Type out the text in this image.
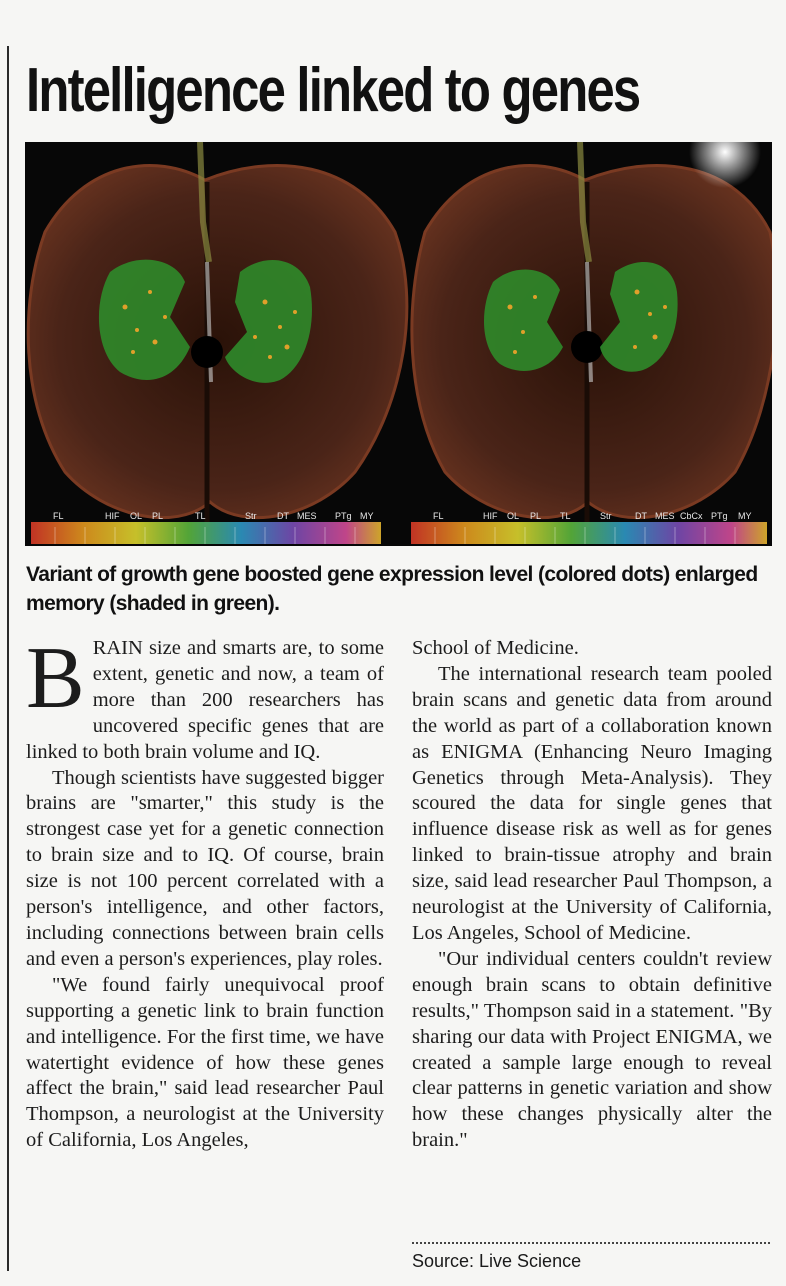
Intelligence linked to genes
FL	HIF OL PL	TL	Str DT MES PTg MY	FL	HIF OL PL TL	Str	DT MES CbCx PTg MY

Variant of growth gene boosted gene expression level (colored dots) enlarged memory (shaded in green).

BRAIN size and smarts are, to some extent, genetic and now, a team of more than 200 researchers has uncovered specific genes that are linked to both brain volume and IQ.

Though scientists have suggested bigger brains are "smarter," this study is the strongest case yet for a genetic connection to brain size and to IQ. Of course, brain size is not 100 percent correlated with a person's intelligence, and other factors, including connections between brain cells and even a person's experiences, play roles.

"We found fairly unequivocal proof supporting a genetic link to brain function and intelligence. For the first time, we have watertight evidence of how these genes affect the brain," said lead researcher Paul Thompson, a neurologist at the University of California, Los Angeles,

School of Medicine.

The international research team pooled brain scans and genetic data from around the world as part of a collaboration known as ENIGMA (Enhancing Neuro Imaging Genetics through Meta-Analysis). They scoured the data for single genes that influence disease risk as well as for genes linked to brain-tissue atrophy and brain size, said lead researcher Paul Thompson, a neurologist at the University of California, Los Angeles, School of Medicine.

"Our individual centers couldn't review enough brain scans to obtain definitive results," Thompson said in a statement. "By sharing our data with Project ENIGMA, we created a sample large enough to reveal clear patterns in genetic variation and show how these changes physically alter the brain."

Source: Live Science
